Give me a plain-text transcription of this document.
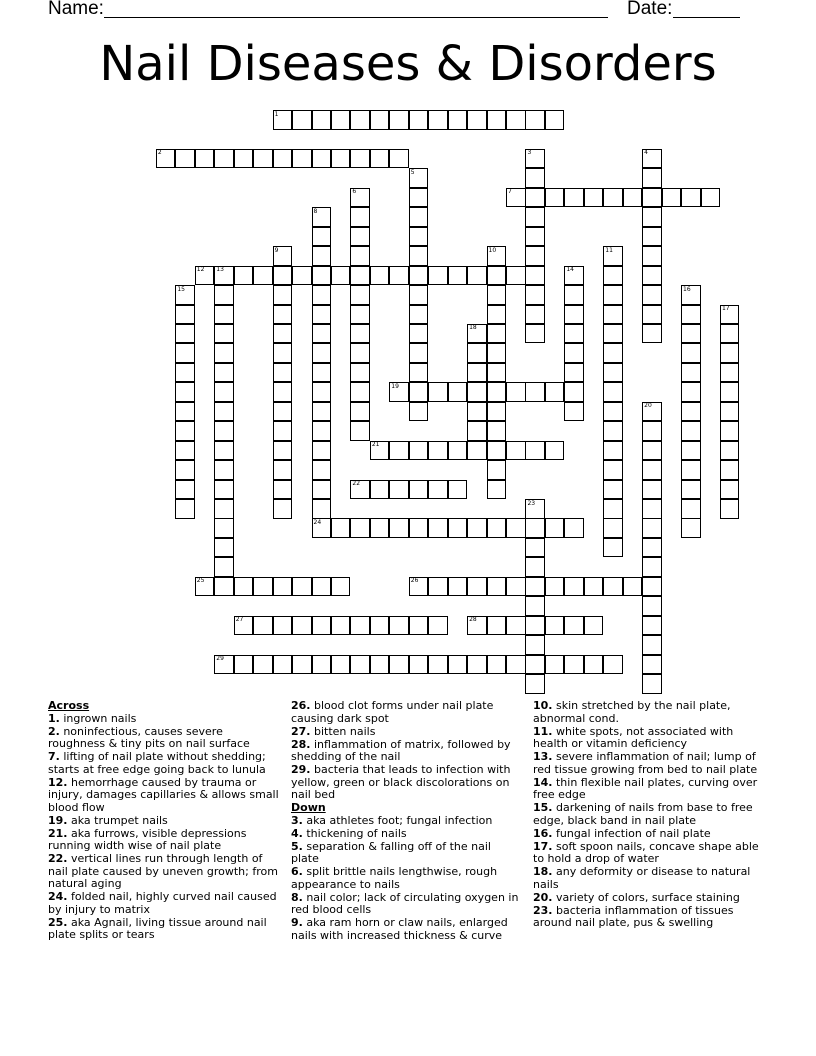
Name:	Date:
Nail Diseases & Disorders
1
2	3	4
5
6	7
8
9	10	11
12 13	14
15	16
17
18
19
20
21
22
23
24
25	26
27	28
29
Across
1. ingrown nails
2. noninfectious, causes severe roughness & tiny pits on nail surface
7. lifting of nail plate without shedding; starts at free edge going back to lunula
12. hemorrhage caused by trauma or injury, damages capillaries & allows small blood flow
19. aka trumpet nails
21. aka furrows, visible depressions running width wise of nail plate
22. vertical lines run through length of nail plate caused by uneven growth; from natural aging
24. folded nail, highly curved nail caused by injury to matrix
25. aka Agnail, living tissue around nail plate splits or tears
26. blood clot forms under nail plate causing dark spot
27. bitten nails
28. inflammation of matrix, followed by shedding of the nail
29. bacteria that leads to infection with yellow, green or black discolorations on nail bed
Down
3. aka athletes foot; fungal infection
4. thickening of nails
5. separation & falling off of the nail plate
6. split brittle nails lengthwise, rough appearance to nails
8. nail color; lack of circulating oxygen in red blood cells
9. aka ram horn or claw nails, enlarged nails with increased thickness & curve
10. skin stretched by the nail plate, abnormal cond.
11. white spots, not associated with health or vitamin deficiency
13. severe inflammation of nail; lump of red tissue growing from bed to nail plate
14. thin flexible nail plates, curving over free edge
15. darkening of nails from base to free edge, black band in nail plate
16. fungal infection of nail plate
17. soft spoon nails, concave shape able to hold a drop of water
18. any deformity or disease to natural nails
20. variety of colors, surface staining
23. bacteria inflammation of tissues around nail plate, pus & swelling
